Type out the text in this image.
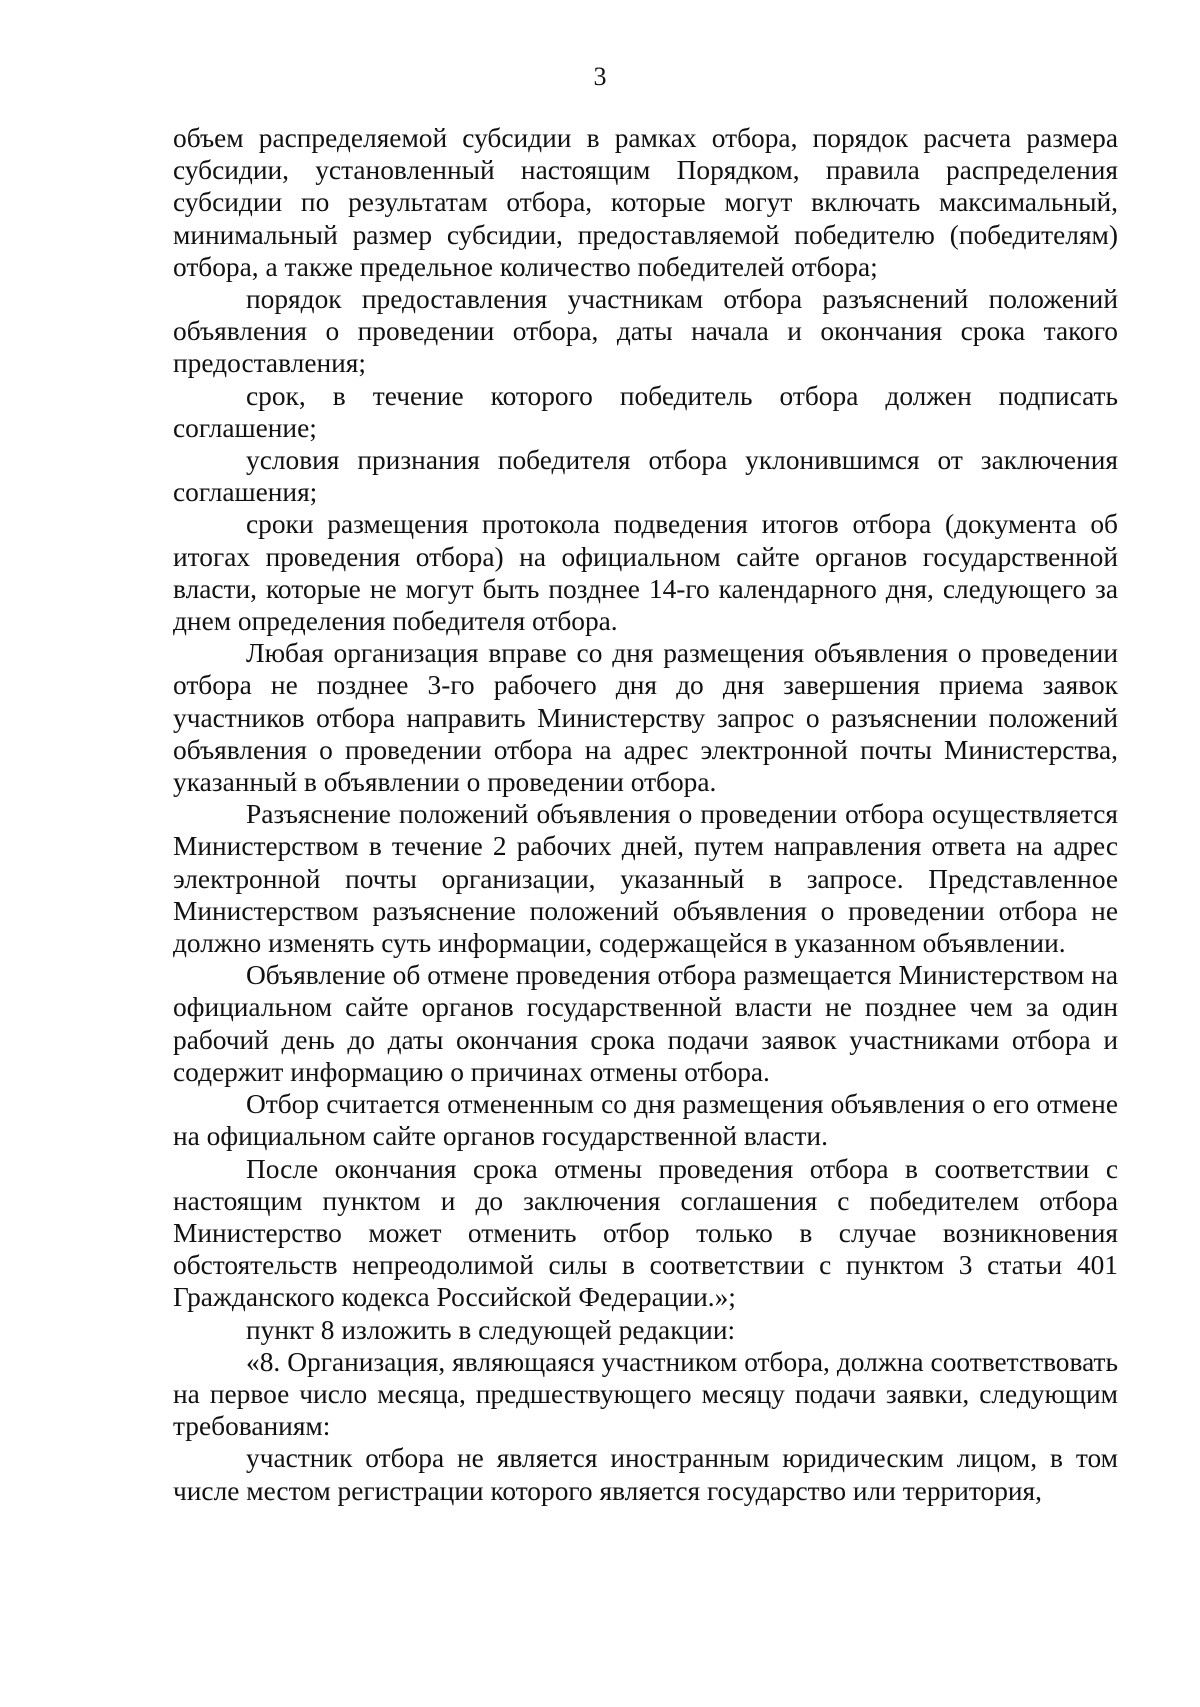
3

объем распределяемой субсидии в рамках отбора, порядок расчета размера субсидии, установленный настоящим Порядком, правила распределения субсидии по результатам отбора, которые могут включать максимальный, минимальный размер субсидии, предоставляемой победителю (победителям) отбора, а также предельное количество победителей отбора;

порядок предоставления участникам отбора разъяснений положений объявления о проведении отбора, даты начала и окончания срока такого предоставления;

срок, в течение которого победитель отбора должен подписать соглашение;

условия признания победителя отбора уклонившимся от заключения соглашения;

сроки размещения протокола подведения итогов отбора (документа об итогах проведения отбора) на официальном сайте органов государственной власти, которые не могут быть позднее 14-го календарного дня, следующего за днем определения победителя отбора.

Любая организация вправе со дня размещения объявления о проведении отбора не позднее 3-го рабочего дня до дня завершения приема заявок участников отбора направить Министерству запрос о разъяснении положений объявления о проведении отбора на адрес электронной почты Министерства, указанный в объявлении о проведении отбора.

Разъяснение положений объявления о проведении отбора осуществляется Министерством в течение 2 рабочих дней, путем направления ответа на адрес электронной почты организации, указанный в запросе. Представленное Министерством разъяснение положений объявления о проведении отбора не должно изменять суть информации, содержащейся в указанном объявлении.

Объявление об отмене проведения отбора размещается Министерством на официальном сайте органов государственной власти не позднее чем за один рабочий день до даты окончания срока подачи заявок участниками отбора и содержит информацию о причинах отмены отбора.

Отбор считается отмененным со дня размещения объявления о его отмене на официальном сайте органов государственной власти.

После окончания срока отмены проведения отбора в соответствии с настоящим пунктом и до заключения соглашения с победителем отбора Министерство может отменить отбор только в случае возникновения обстоятельств непреодолимой силы в соответствии с пунктом 3 статьи 401 Гражданского кодекса Российской Федерации.»;

пункт 8 изложить в следующей редакции:

«8. Организация, являющаяся участником отбора, должна соответствовать на первое число месяца, предшествующего месяцу подачи заявки, следующим требованиям:

участник отбора не является иностранным юридическим лицом, в том числе местом регистрации которого является государство или территория,
